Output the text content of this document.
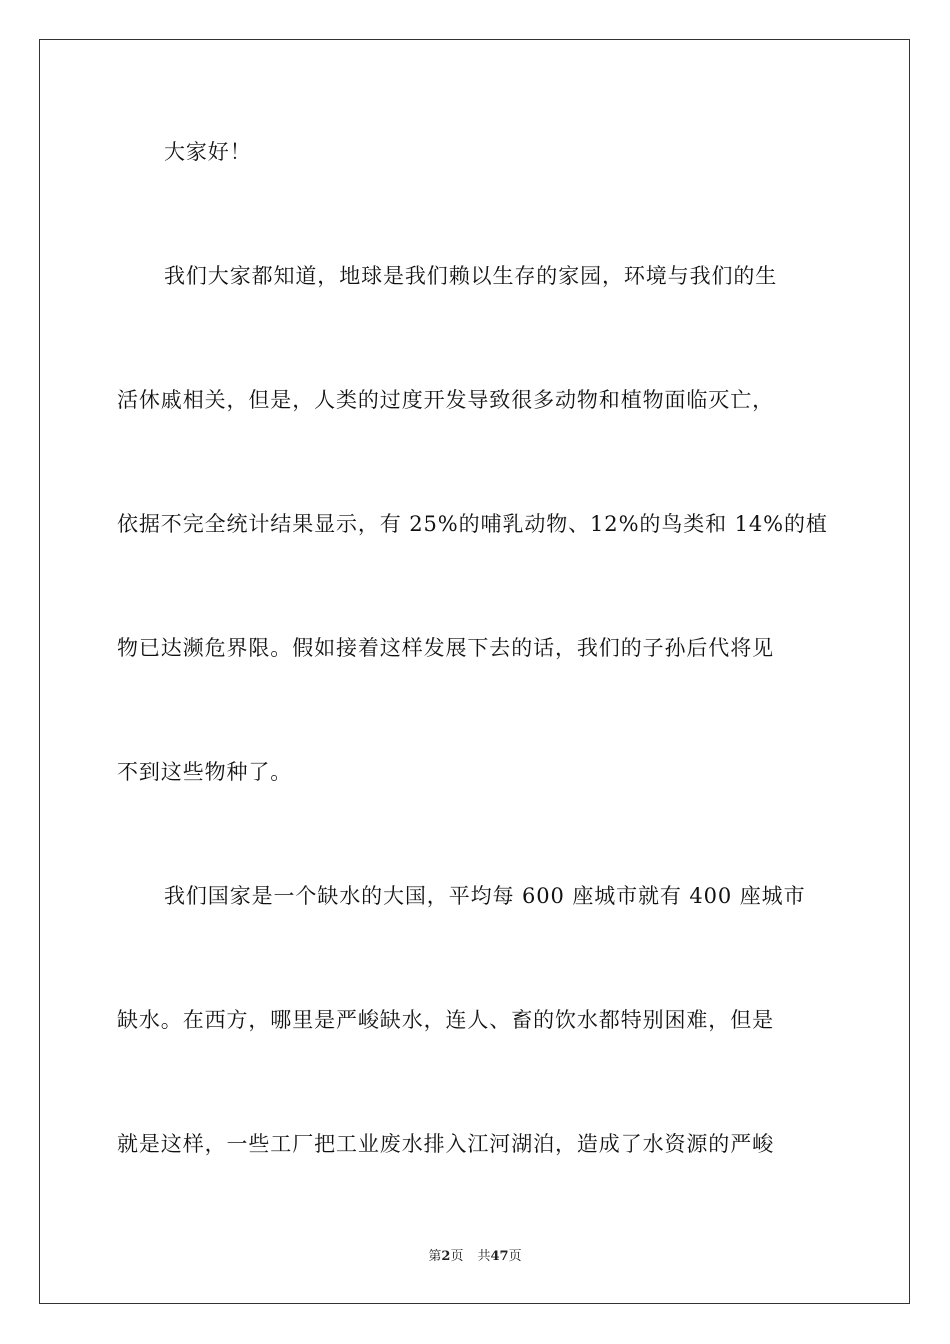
大家好！
我们大家都知道，地球是我们赖以生存的家园，环境与我们的生
活休戚相关，但是，人类的过度开发导致很多动物和植物面临灭亡，
依据不完全统计结果显示，有 25%的哺乳动物、12%的鸟类和 14%的植
物已达濒危界限。假如接着这样发展下去的话，我们的子孙后代将见
不到这些物种了。
我们国家是一个缺水的大国，平均每 600 座城市就有 400 座城市
缺水。在西方，哪里是严峻缺水，连人、畜的饮水都特别困难，但是
就是这样，一些工厂把工业废水排入江河湖泊，造成了水资源的严峻
第2页 共47页
